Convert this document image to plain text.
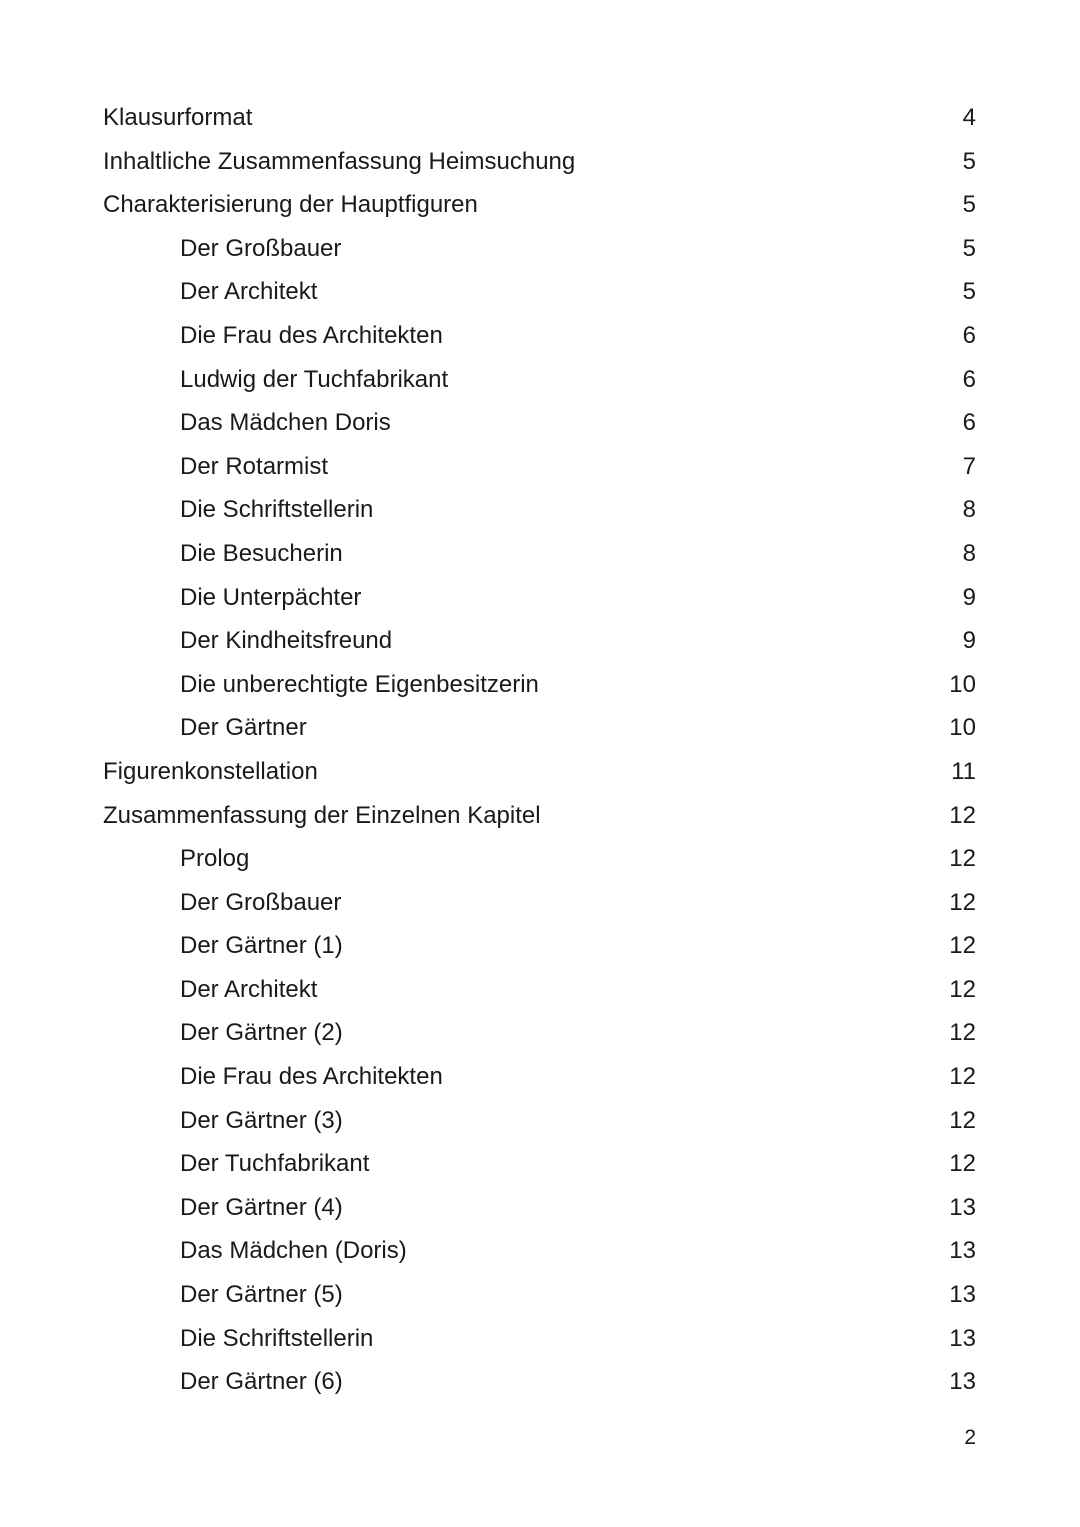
Klausurformat	4
Inhaltliche Zusammenfassung Heimsuchung	5
Charakterisierung der Hauptfiguren	5
Der Großbauer	5
Der Architekt	5
Die Frau des Architekten	6
Ludwig der Tuchfabrikant	6
Das Mädchen Doris	6
Der Rotarmist	7
Die Schriftstellerin	8
Die Besucherin	8
Die Unterpächter	9
Der Kindheitsfreund	9
Die unberechtigte Eigenbesitzerin	10
Der Gärtner	10
Figurenkonstellation	11
Zusammenfassung der Einzelnen Kapitel	12
Prolog	12
Der Großbauer	12
Der Gärtner (1)	12
Der Architekt	12
Der Gärtner (2)	12
Die Frau des Architekten	12
Der Gärtner (3)	12
Der Tuchfabrikant	12
Der Gärtner (4)	13
Das Mädchen (Doris)	13
Der Gärtner (5)	13
Die Schriftstellerin	13
Der Gärtner (6)	13
2
